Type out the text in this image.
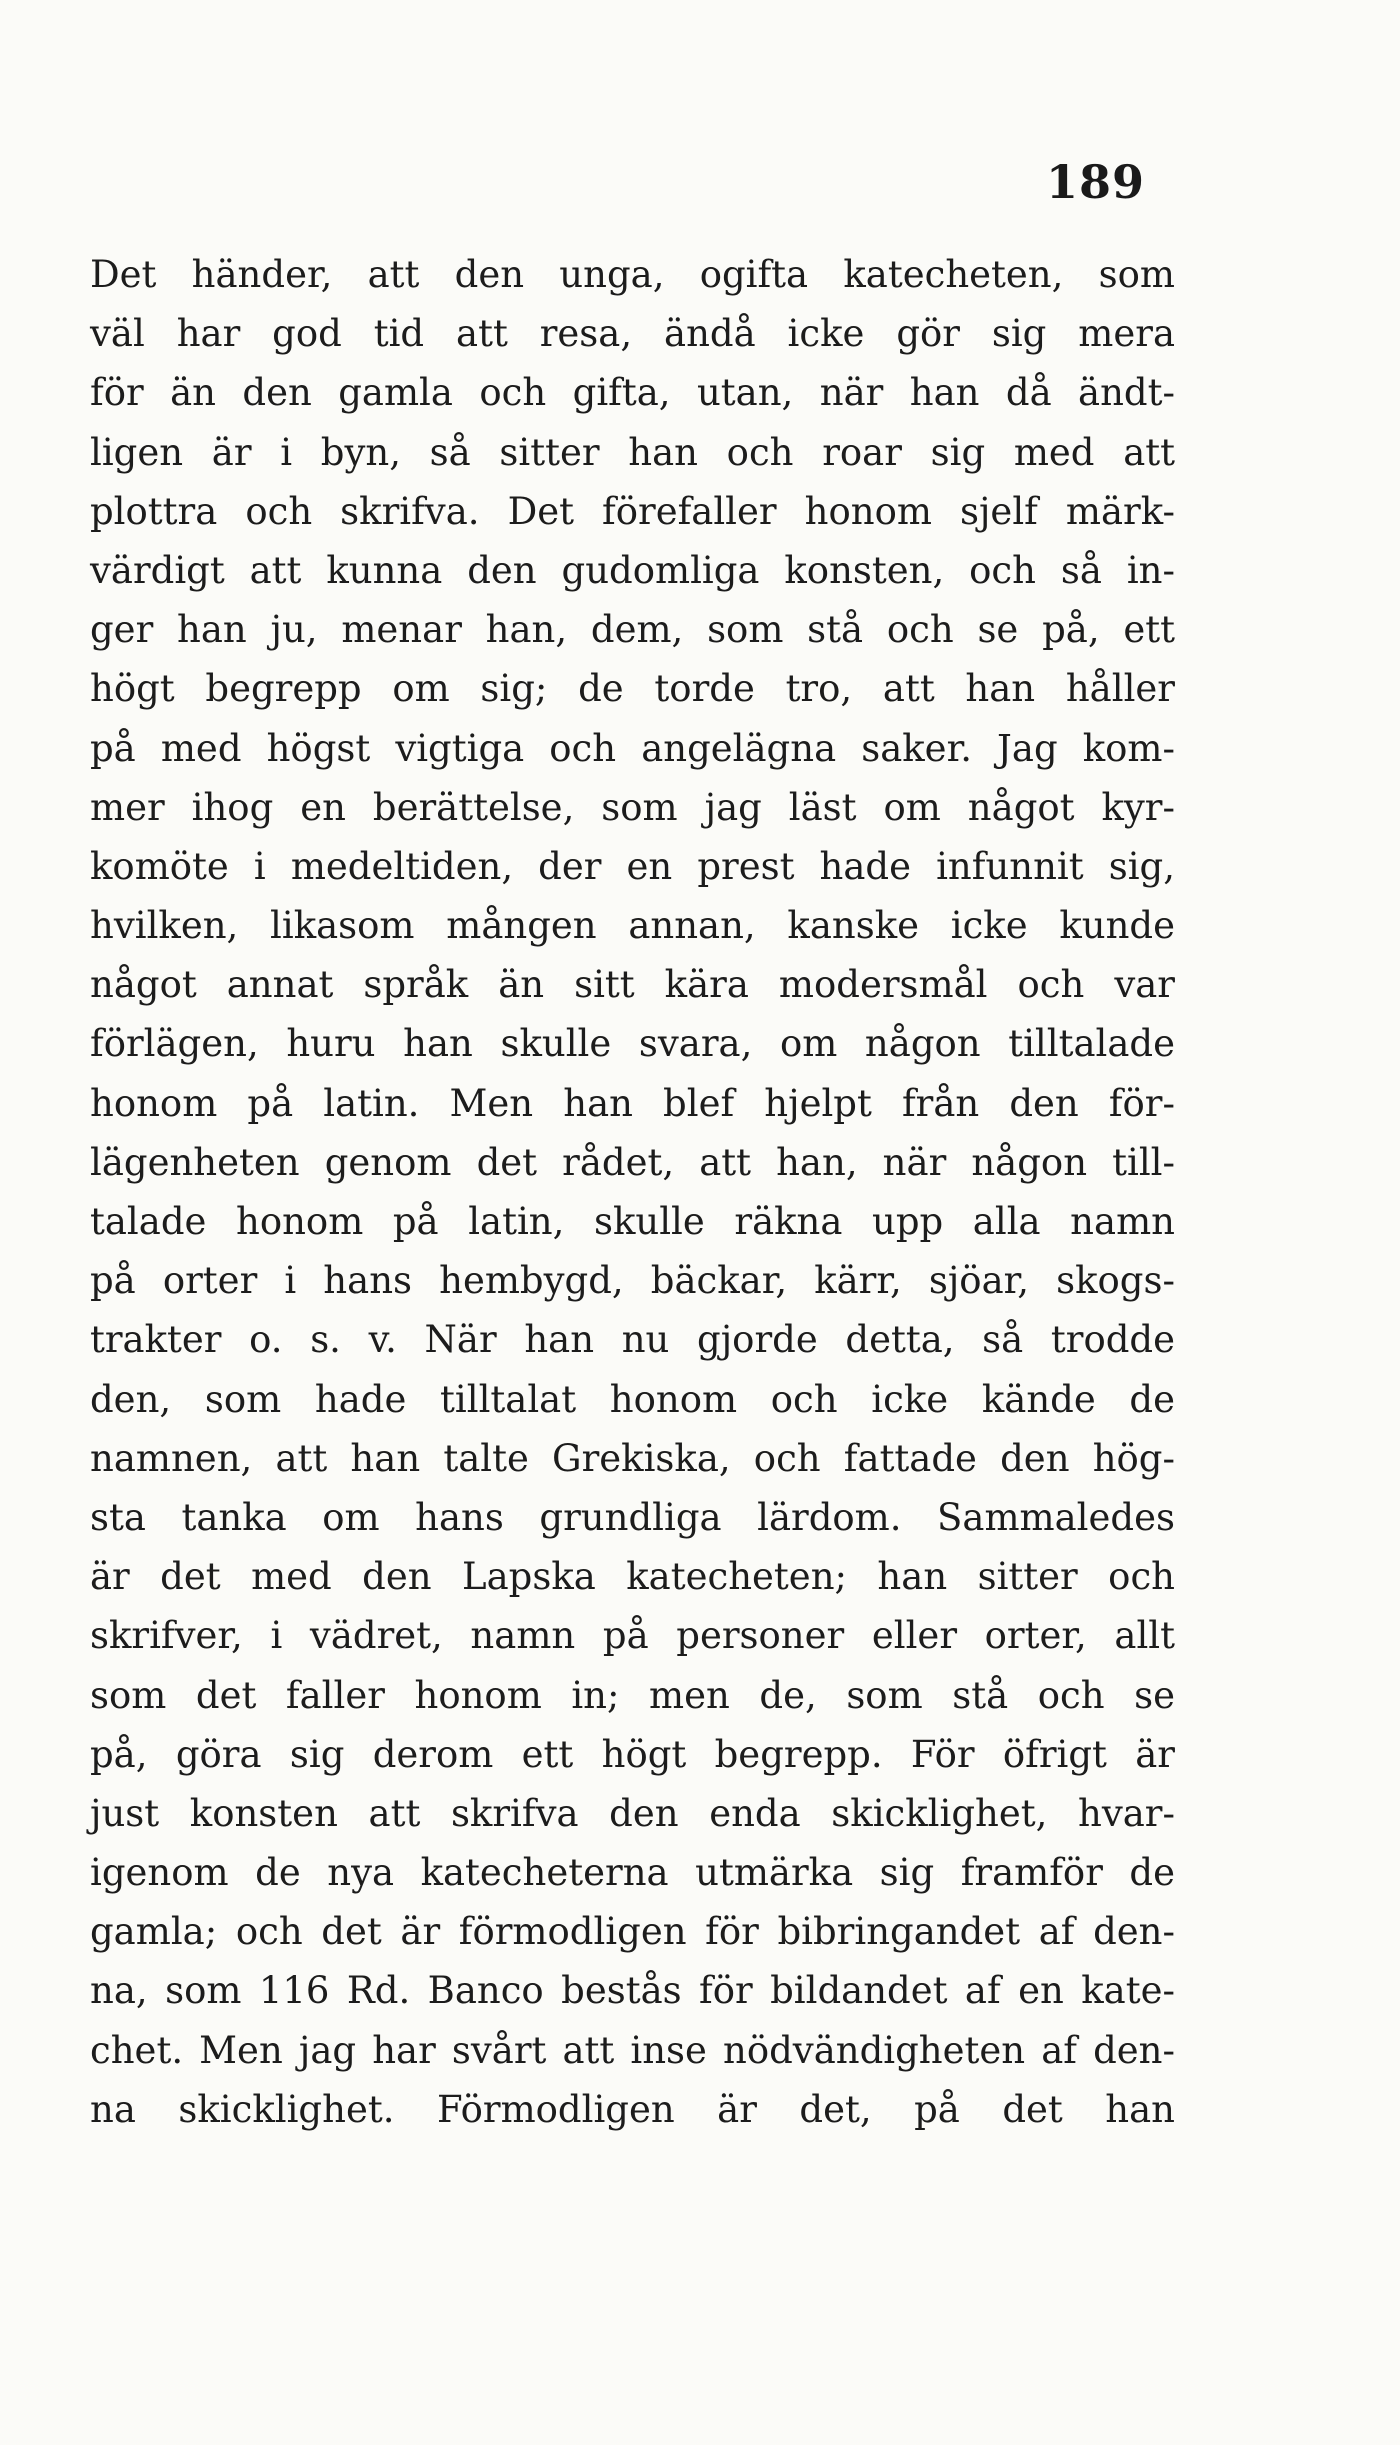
189
Det händer, att den unga, ogifta katecheten, som
väl har god tid att resa, ändå icke gör sig mera
för än den gamla och gifta, utan, när han då ändt-
ligen är i byn, så sitter han och roar sig med att
plottra och skrifva. Det förefaller honom sjelf märk-
värdigt att kunna den gudomliga konsten, och så in-
ger han ju, menar han, dem, som stå och se på, ett
högt begrepp om sig; de torde tro, att han håller
på med högst vigtiga och angelägna saker. Jag kom-
mer ihog en berättelse, som jag läst om något kyr-
komöte i medeltiden, der en prest hade infunnit sig,
hvilken, likasom mången annan, kanske icke kunde
något annat språk än sitt kära modersmål och var
förlägen, huru han skulle svara, om någon tilltalade
honom på latin. Men han blef hjelpt från den för-
lägenheten genom det rådet, att han, när någon till-
talade honom på latin, skulle räkna upp alla namn
på orter i hans hembygd, bäckar, kärr, sjöar, skogs-
trakter o. s. v. När han nu gjorde detta, så trodde
den, som hade tilltalat honom och icke kände de
namnen, att han talte Grekiska, och fattade den hög-
sta tanka om hans grundliga lärdom. Sammaledes
är det med den Lapska katecheten; han sitter och
skrifver, i vädret, namn på personer eller orter, allt
som det faller honom in; men de, som stå och se
på, göra sig derom ett högt begrepp. För öfrigt är
just konsten att skrifva den enda skicklighet, hvar-
igenom de nya katecheterna utmärka sig framför de
gamla; och det är förmodligen för bibringandet af den-
na, som 116 Rd. Banco bestås för bildandet af en kate-
chet. Men jag har svårt att inse nödvändigheten af den-
na skicklighet. Förmodligen är det, på det han
